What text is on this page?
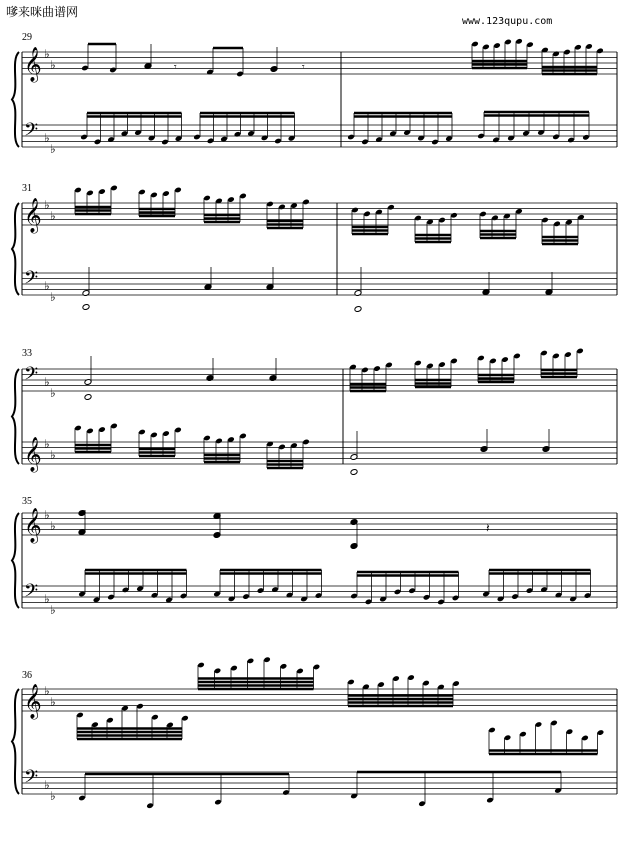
嗲来咪曲谱网
www.123qupu.com
29
31
33
35
36
𝄞 ♭
♭
𝄢 ♭
♭
𝄾	𝄾
𝄞 ♭
♭
𝄢 ♭
♭
𝄢 ♭
♭
𝄞 ♭
♭
𝄞 ♭
♭
𝄢 ♭
♭
𝄽
𝄞 ♭
♭
𝄢 ♭
♭
